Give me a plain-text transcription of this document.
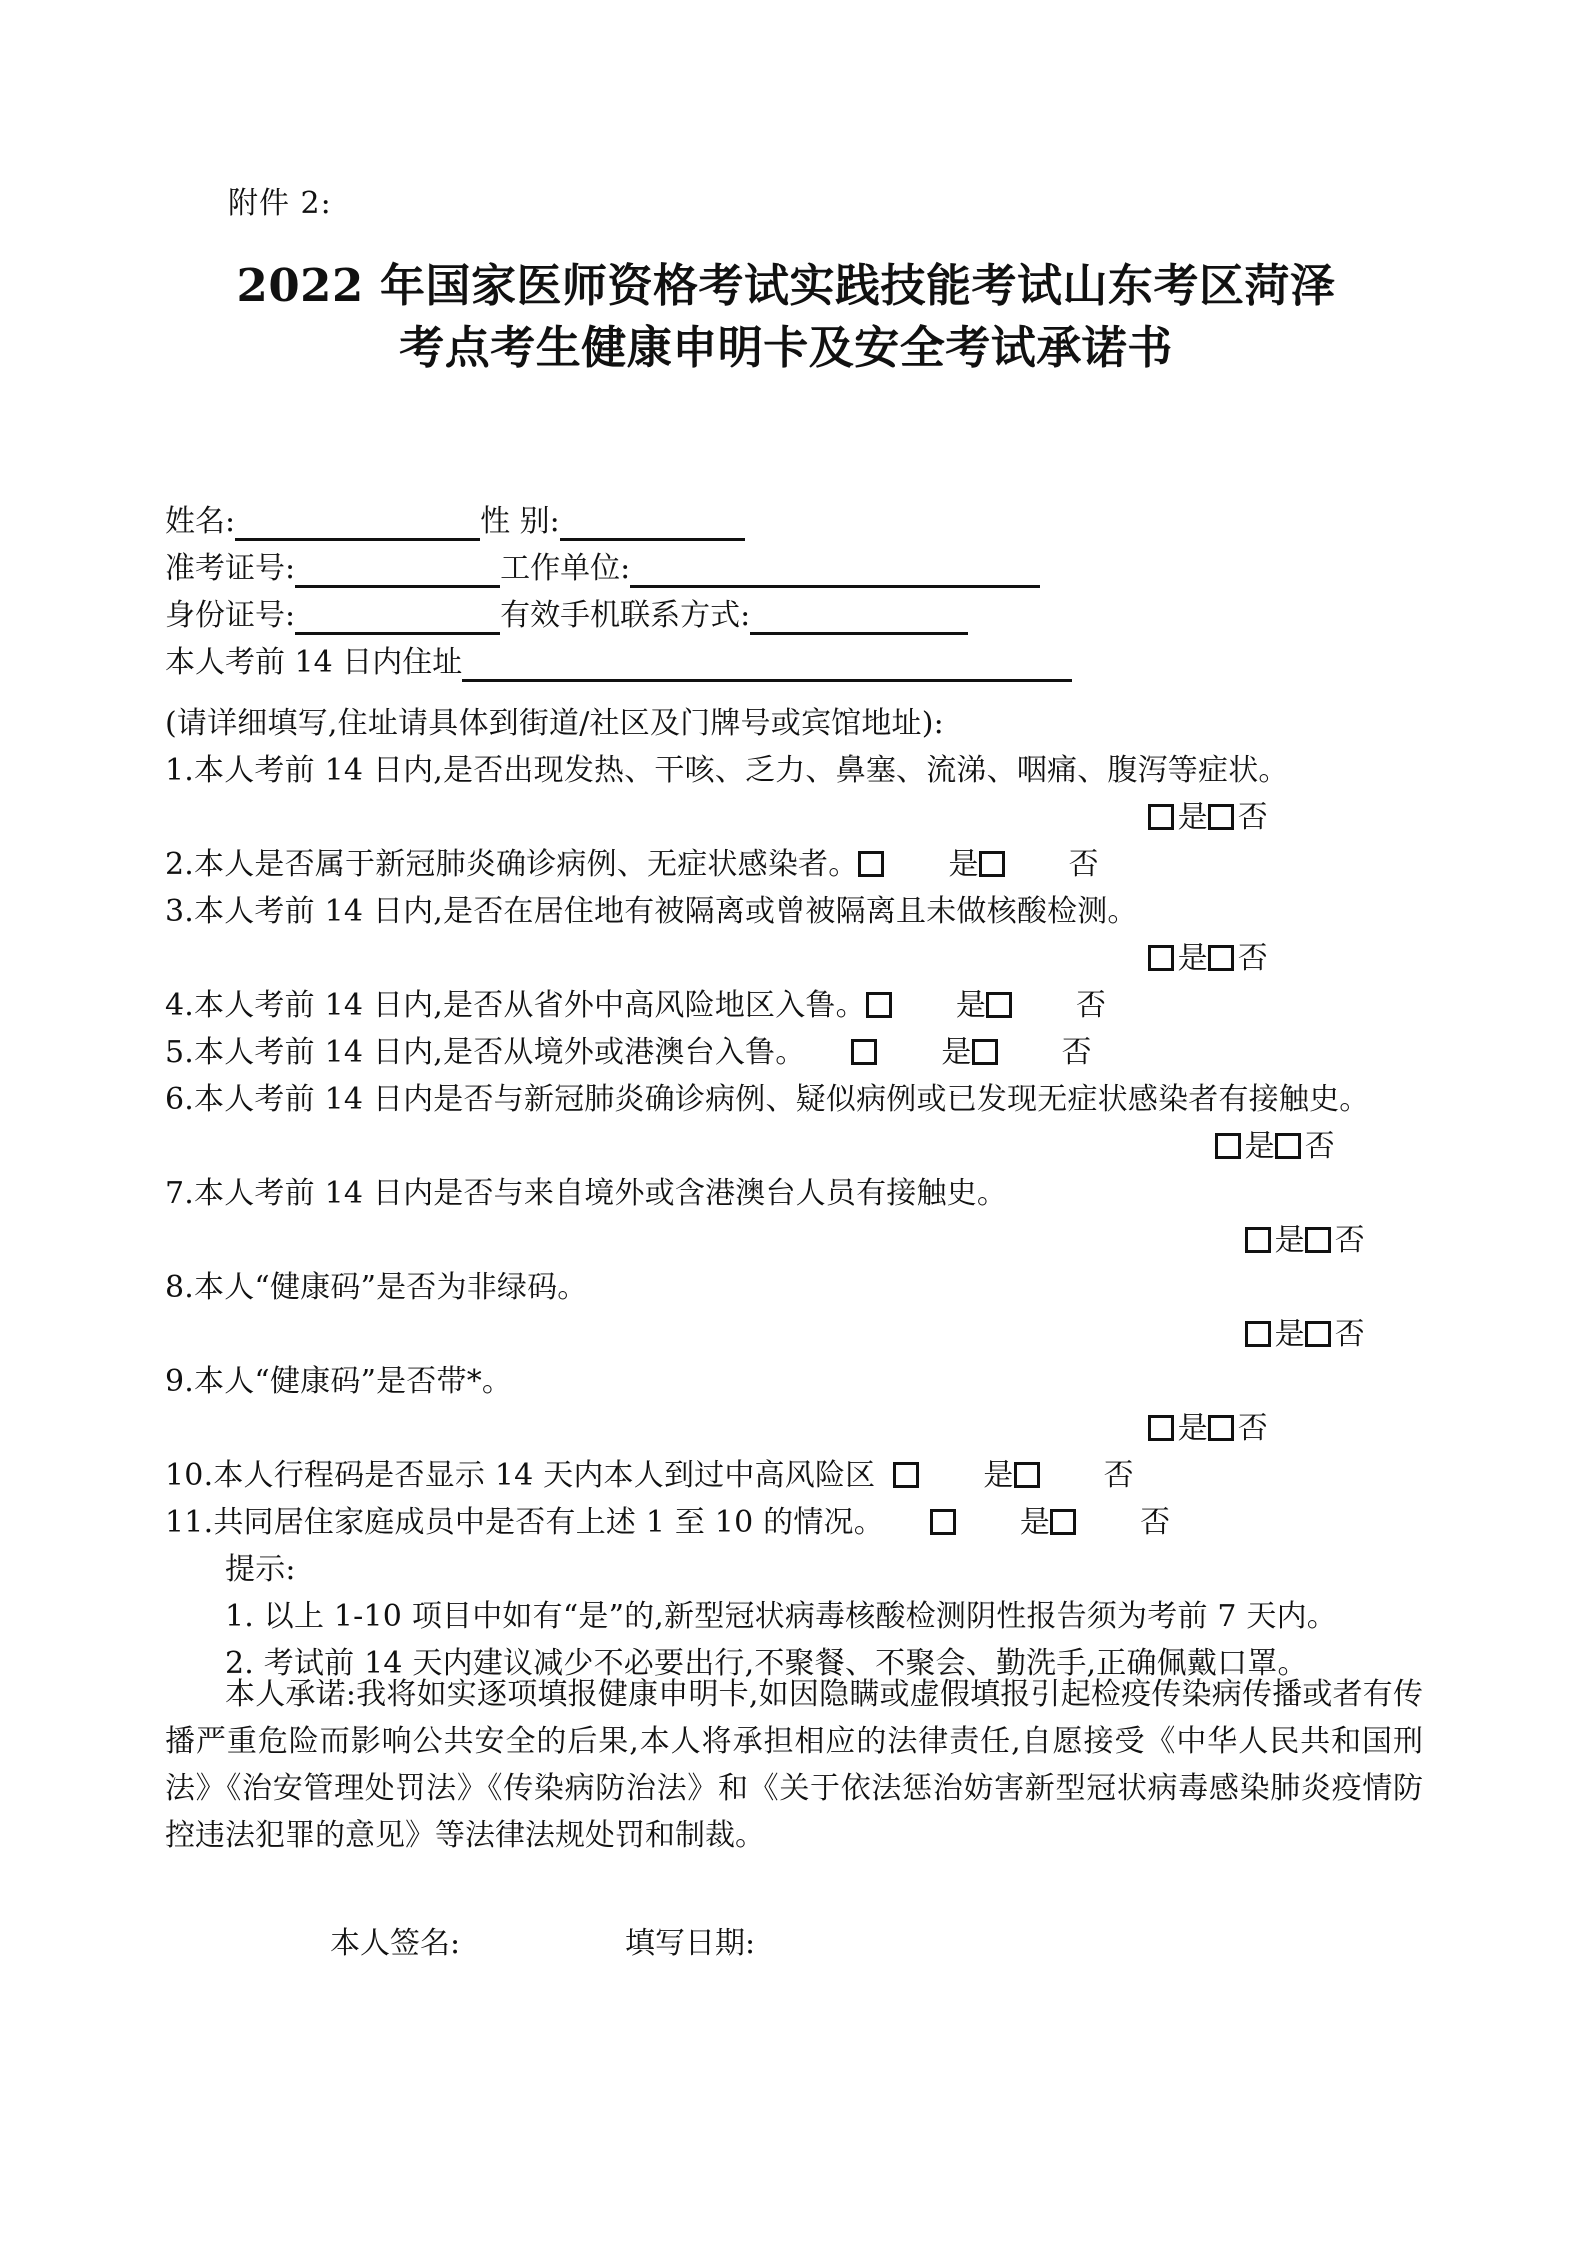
附件 2:
2022 年国家医师资格考试实践技能考试山东考区菏泽考点考生健康申明卡及安全考试承诺书
姓名:	性 别:
准考证号:	工作单位:
身份证号:	有效手机联系方式:
本人考前 14 日内住址

(请详细填写,住址请具体到街道/社区及门牌号或宾馆地址):

1.本人考前 14 日内,是否出现发热、干咳、乏力、鼻塞、流涕、咽痛、腹泻等症状。
是 否

2.本人是否属于新冠肺炎确诊病例、无症状感染者。	是	否

3.本人考前 14 日内,是否在居住地有被隔离或曾被隔离且未做核酸检测。
是 否

4.本人考前 14 日内,是否从省外中高风险地区入鲁。	是	否

5.本人考前 14 日内,是否从境外或港澳台入鲁。	是	否

6.本人考前 14 日内是否与新冠肺炎确诊病例、疑似病例或已发现无症状感染者有接触史。
是 否

7.本人考前 14 日内是否与来自境外或含港澳台人员有接触史。
是 否

8.本人“健康码”是否为非绿码。
是 否

9.本人“健康码”是否带*。
是 否

10.本人行程码是否显示 14 天内本人到过中高风险区	是	否

11.共同居住家庭成员中是否有上述 1 至 10 的情况。	是	否

提示:

1. 以上 1-10 项目中如有“是”的,新型冠状病毒核酸检测阴性报告须为考前 7 天内。

2. 考试前 14 天内建议减少不必要出行,不聚餐、不聚会、勤洗手,正确佩戴口罩。

本人承诺:我将如实逐项填报健康申明卡,如因隐瞒或虚假填报引起检疫传染病传播或者有传播严重危险而影响公共安全的后果,本人将承担相应的法律责任,自愿接受《中华人民共和国刑法》《治安管理处罚法》《传染病防治法》和《关于依法惩治妨害新型冠状病毒感染肺炎疫情防控违法犯罪的意见》等法律法规处罚和制裁。

本人签名:	填写日期:
